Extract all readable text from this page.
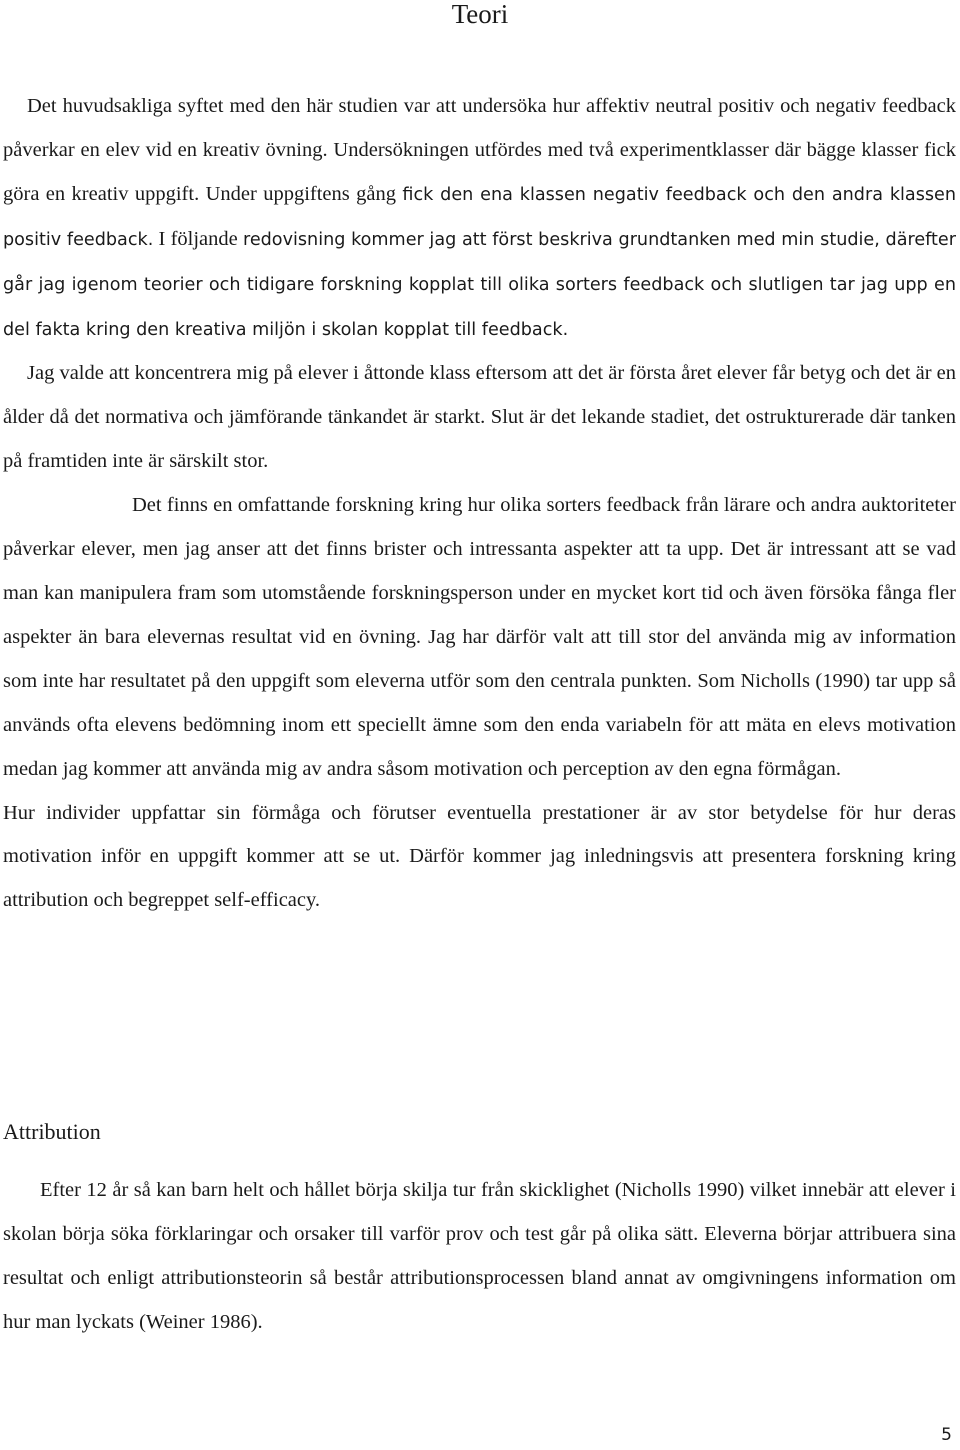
Teori

Det huvudsakliga syftet med den här studien var att undersöka hur affektiv neutral positiv och negativ feedback påverkar en elev vid en kreativ övning. Undersökningen utfördes med två experimentklasser där bägge klasser fick göra en kreativ uppgift. Under uppgiftens gång fick den ena klassen negativ feedback och den andra klassen positiv feedback. I följande redovisning kommer jag att först beskriva grundtanken med min studie, därefter går jag igenom teorier och tidigare forskning kopplat till olika sorters feedback och slutligen tar jag upp en del fakta kring den kreativa miljön i skolan kopplat till feedback.

Jag valde att koncentrera mig på elever i åttonde klass eftersom att det är första året elever får betyg och det är en ålder då det normativa och jämförande tänkandet är starkt. Slut är det lekande stadiet, det ostrukturerade där tanken på framtiden inte är särskilt stor.

Det finns en omfattande forskning kring hur olika sorters feedback från lärare och andra auktoriteter påverkar elever, men jag anser att det finns brister och intressanta aspekter att ta upp. Det är intressant att se vad man kan manipulera fram som utomstående forskningsperson under en mycket kort tid och även försöka fånga fler aspekter än bara elevernas resultat vid en övning. Jag har därför valt att till stor del använda mig av information som inte har resultatet på den uppgift som eleverna utför som den centrala punkten. Som Nicholls (1990) tar upp så används ofta elevens bedömning inom ett speciellt ämne som den enda variabeln för att mäta en elevs motivation medan jag kommer att använda mig av andra såsom motivation och perception av den egna förmågan.

Hur individer uppfattar sin förmåga och förutser eventuella prestationer är av stor betydelse för hur deras motivation inför en uppgift kommer att se ut. Därför kommer jag inledningsvis att presentera forskning kring attribution och begreppet self-efficacy.

Attribution

Efter 12 år så kan barn helt och hållet börja skilja tur från skicklighet (Nicholls 1990) vilket innebär att elever i skolan börja söka förklaringar och orsaker till varför prov och test går på olika sätt. Eleverna börjar attribuera sina resultat och enligt attributionsteorin så består attributionsprocessen bland annat av omgivningens information om hur man lyckats (Weiner 1986).

5
